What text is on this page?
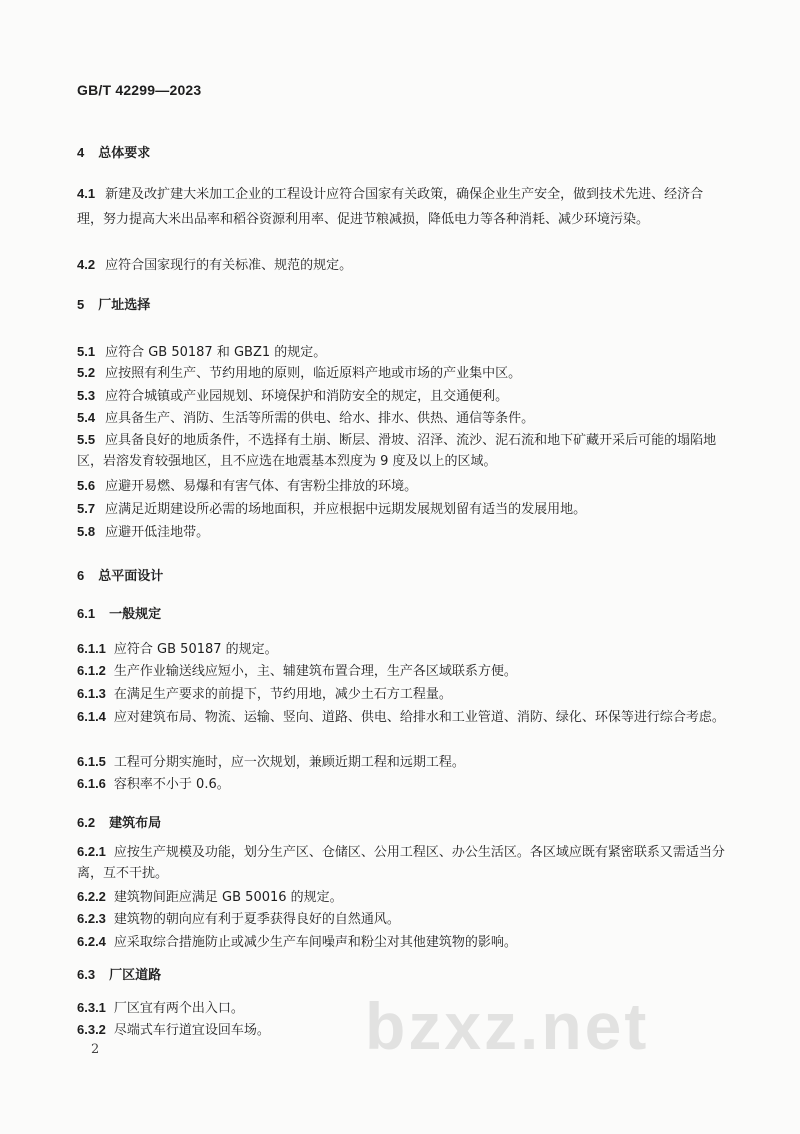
GB/T 42299—2023
4 总体要求
4.1 新建及改扩建大米加工企业的工程设计应符合国家有关政策，确保企业生产安全，做到技术先进、经济合理，努力提高大米出品率和稻谷资源利用率、促进节粮减损，降低电力等各种消耗、减少环境污染。
4.2 应符合国家现行的有关标准、规范的规定。
5 厂址选择
5.1 应符合 GB 50187 和 GBZ1 的规定。
5.2 应按照有利生产、节约用地的原则，临近原料产地或市场的产业集中区。
5.3 应符合城镇或产业园规划、环境保护和消防安全的规定，且交通便利。
5.4 应具备生产、消防、生活等所需的供电、给水、排水、供热、通信等条件。
5.5 应具备良好的地质条件，不选择有土崩、断层、滑坡、沼泽、流沙、泥石流和地下矿藏开采后可能的塌陷地区，岩溶发育较强地区，且不应选在地震基本烈度为 9 度及以上的区域。
5.6 应避开易燃、易爆和有害气体、有害粉尘排放的环境。
5.7 应满足近期建设所必需的场地面积，并应根据中远期发展规划留有适当的发展用地。
5.8 应避开低洼地带。
6 总平面设计
6.1 一般规定
6.1.1 应符合 GB 50187 的规定。
6.1.2 生产作业输送线应短小，主、辅建筑布置合理，生产各区域联系方便。
6.1.3 在满足生产要求的前提下，节约用地，减少土石方工程量。
6.1.4 应对建筑布局、物流、运输、竖向、道路、供电、给排水和工业管道、消防、绿化、环保等进行综合考虑。
6.1.5 工程可分期实施时，应一次规划，兼顾近期工程和远期工程。
6.1.6 容积率不小于 0.6。
6.2 建筑布局
6.2.1 应按生产规模及功能，划分生产区、仓储区、公用工程区、办公生活区。各区域应既有紧密联系又需适当分离，互不干扰。
6.2.2 建筑物间距应满足 GB 50016 的规定。
6.2.3 建筑物的朝向应有利于夏季获得良好的自然通风。
6.2.4 应采取综合措施防止或减少生产车间噪声和粉尘对其他建筑物的影响。
6.3 厂区道路
6.3.1 厂区宜有两个出入口。
6.3.2 尽端式车行道宜设回车场。
2	bzxz.net
